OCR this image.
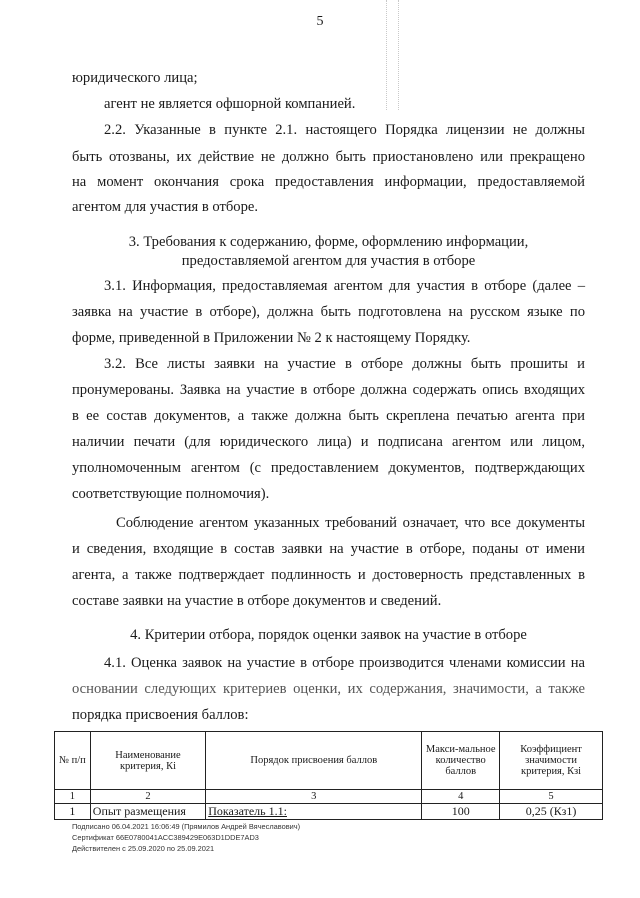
5
юридического лица;
агент не является офшорной компанией.
2.2. Указанные в пункте 2.1. настоящего Порядка лицензии не должны
быть отозваны, их действие не должно быть приостановлено или прекращено
на момент окончания срока предоставления информации, предоставляемой
агентом для участия в отборе.
3. Требования к содержанию, форме, оформлению информации,
предоставляемой агентом для участия в отборе
3.1. Информация, предоставляемая агентом для участия в отборе (далее –
заявка на участие в отборе), должна быть подготовлена на русском языке по
форме, приведенной в Приложении № 2 к настоящему Порядку.
3.2. Все листы заявки на участие в отборе должны быть прошиты и
пронумерованы. Заявка на участие в отборе должна содержать опись входящих
в ее состав документов, а также должна быть скреплена печатью агента при
наличии печати (для юридического лица) и подписана агентом или лицом,
уполномоченным агентом (с предоставлением документов, подтверждающих
соответствующие полномочия).
Соблюдение агентом указанных требований означает, что все документы
и сведения, входящие в состав заявки на участие в отборе, поданы от имени
агента, а также подтверждает подлинность и достоверность представленных в
составе заявки на участие в отборе документов и сведений.
4. Критерии отбора, порядок оценки заявок на участие в отборе
4.1. Оценка заявок на участие в отборе производится членами комиссии на
основании следующих критериев оценки, их содержания, значимости, а также
порядка присвоения баллов:
№ п/п	Наименование критерия, Кi	Порядок присвоения баллов	Макси-мальное количество баллов	Коэффициент значимости критерия, Кзi
1	2	3	4	5
1	Опыт размещения	Показатель 1.1:	100	0,25 (Кз1)
Подписано 06.04.2021 16:06:49 (Прямилов Андрей Вячеславович)
Сертификат 66E0780041ACC389429E063D1DDE7AD3
Действителен с 25.09.2020 по 25.09.2021
